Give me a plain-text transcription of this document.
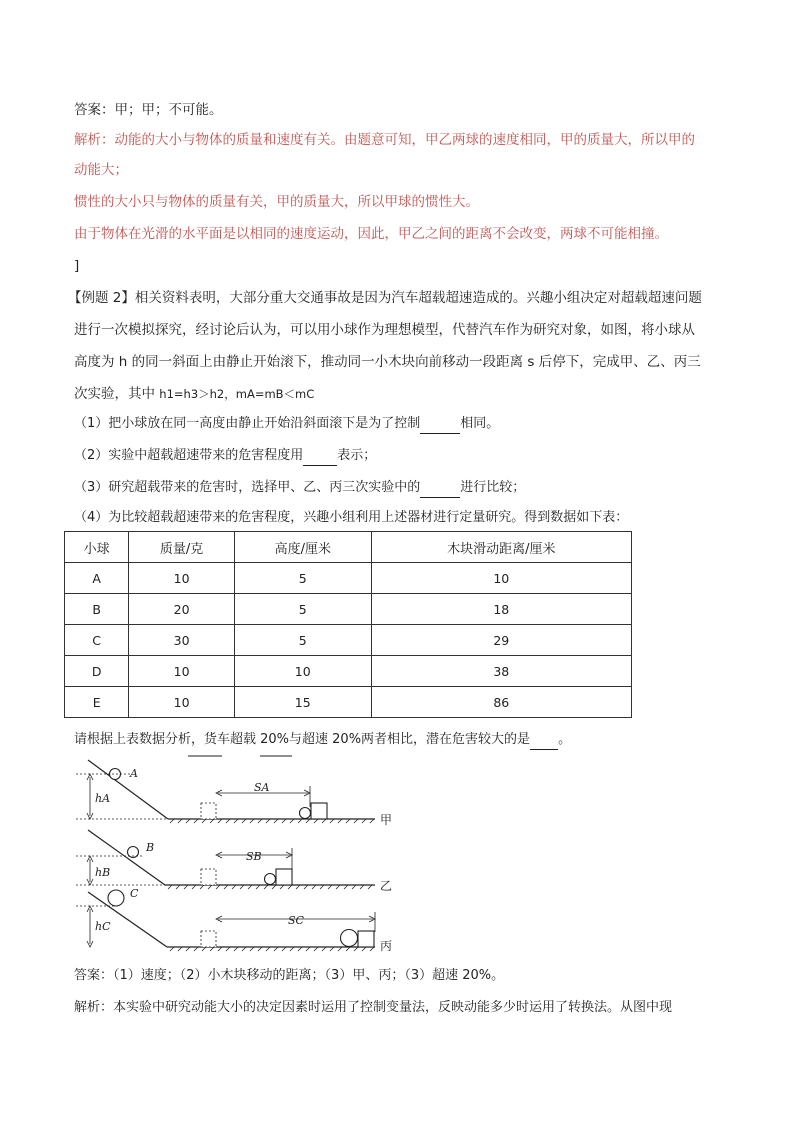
答案：甲；甲；不可能。
解析：动能的大小与物体的质量和速度有关。由题意可知，甲乙两球的速度相同，甲的质量大，所以甲的
动能大；
惯性的大小只与物体的质量有关，甲的质量大，所以甲球的惯性大。
由于物体在光滑的水平面是以相同的速度运动，因此，甲乙之间的距离不会改变，两球不可能相撞。
]
【例题 2】相关资料表明，大部分重大交通事故是因为汽车超载超速造成的。兴趣小组决定对超载超速问题
进行一次模拟探究，经讨论后认为，可以用小球作为理想模型，代替汽车作为研究对象，如图，将小球从
高度为 h 的同一斜面上由静止开始滚下，推动同一小木块向前移动一段距离 s 后停下，完成甲、乙、丙三
次实验，其中 h1=h3＞h2，mA=mB＜mC
（1）把小球放在同一高度由静止开始沿斜面滚下是为了控制	相同。
（2）实验中超载超速带来的危害程度用	表示；
（3）研究超载带来的危害时，选择甲、乙、丙三次实验中的	进行比较；
（4）为比较超载超速带来的危害程度，兴趣小组利用上述器材进行定量研究。得到数据如下表：
小球	质量/克	高度/厘米	木块滑动距离/厘米
A	10	5	10
B	20	5	18
C	30	5	29
D	10	10	38
E	10	15	86
请根据上表数据分析，货车超载 20%与超速 20%两者相比，潜在危害较大的是 。
A
hA
SA
甲
B
hB
SB
乙
C
hC	SC
丙
答案：（1）速度；（2）小木块移动的距离；（3）甲、丙；（3）超速 20%。
解析：本实验中研究动能大小的决定因素时运用了控制变量法，反映动能多少时运用了转换法。从图中现
